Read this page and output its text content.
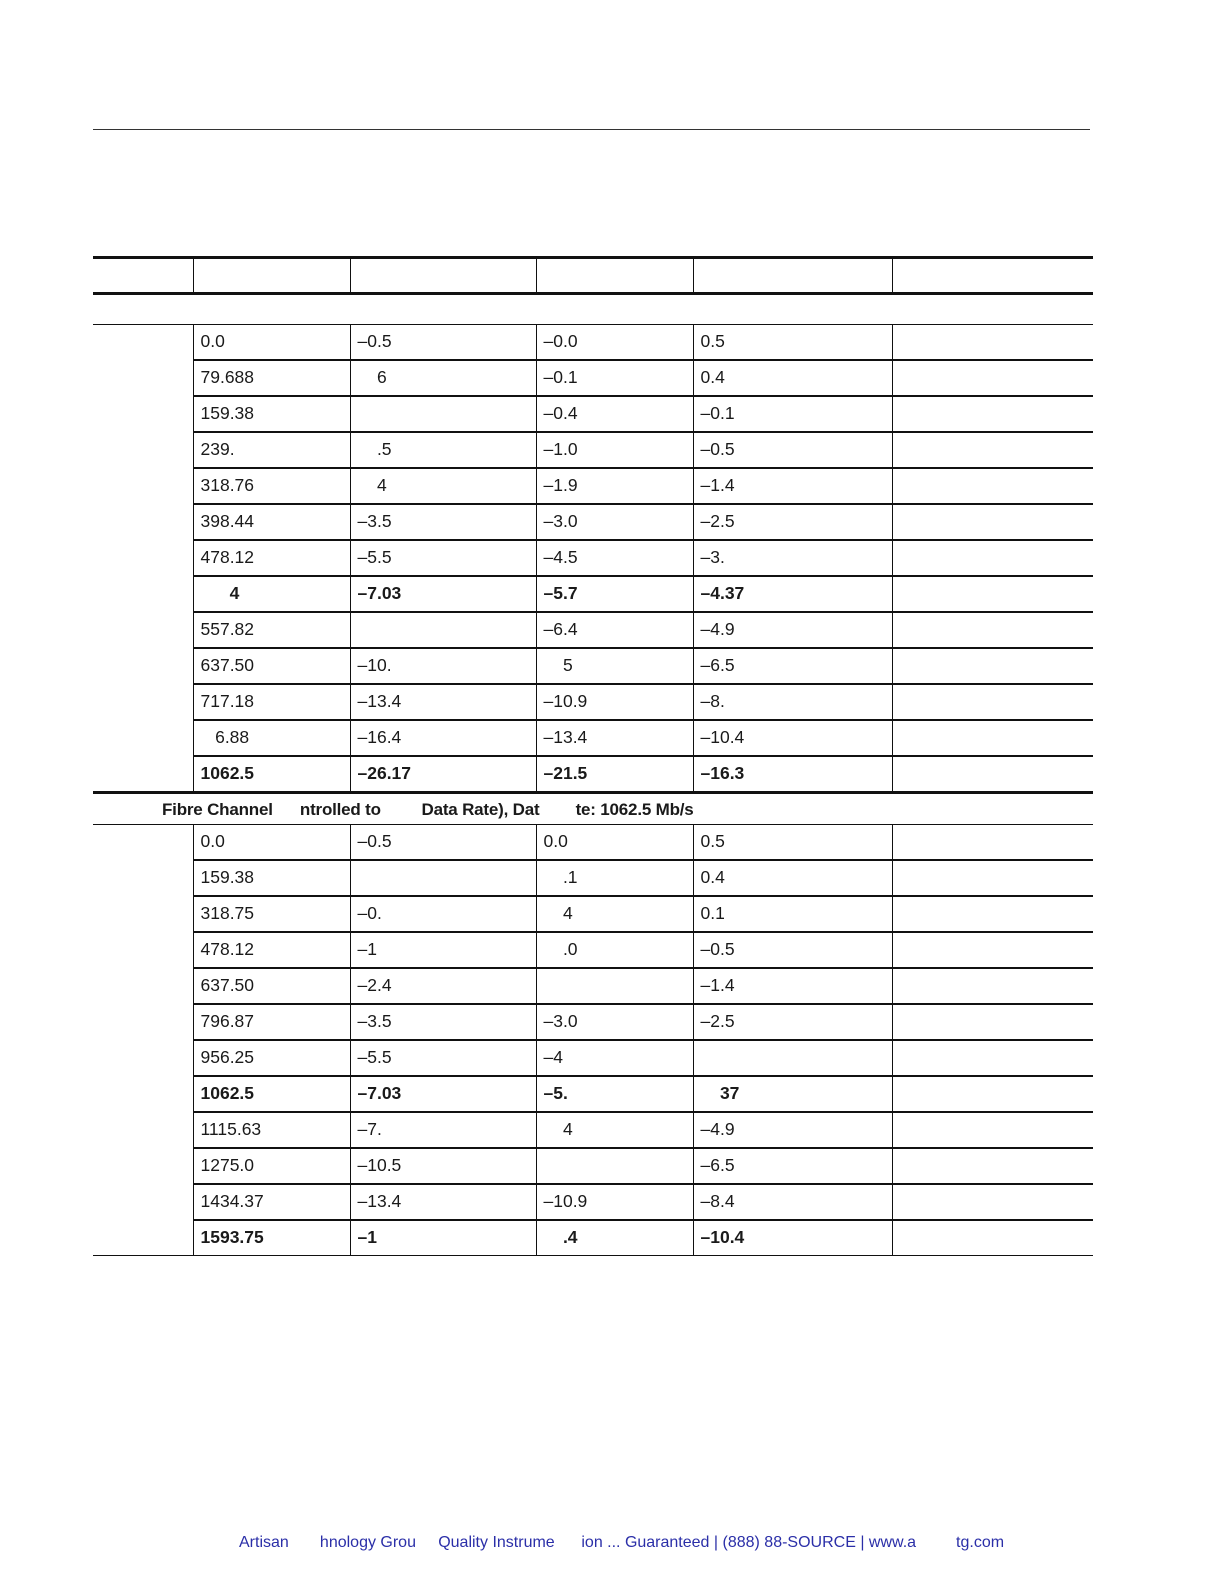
	0.0	–0.5	–0.0	0.5	
	79.688	6	–0.1	0.4	
	159.38		–0.4	–0.1	
	239.	.5	–1.0	–0.5	
	318.76	4	–1.9	–1.4	
	398.44	–3.5	–3.0	–2.5	
	478.12	–5.5	–4.5	–3.	
	4	–7.03	–5.7	–4.37	
	557.82		–6.4	–4.9	
	637.50	–10.	5	–6.5	
	717.18	–13.4	–10.9	–8.	
	6.88	–16.4	–13.4	–10.4	
	1062.5	–26.17	–21.5	–16.3	
Fibre Channel      ntrolled to         Data Rate), Dat        te: 1062.5 Mb/s					
	0.0	–0.5	0.0	0.5	
	159.38		.1	0.4	
	318.75	–0.	4	0.1	
	478.12	–1	.0	–0.5	
	637.50	–2.4		–1.4	
	796.87	–3.5	–3.0	–2.5	
	956.25	–5.5	–4		
	1062.5	–7.03	–5.	37	
	1115.63	–7.	4	–4.9	
	1275.0	–10.5		–6.5	
	1434.37	–13.4	–10.9	–8.4	
	1593.75	–1	.4	–10.4	
Artisan       hnology Grou     Quality Instrume      ion ... Guaranteed | (888) 88-SOURCE | www.a         tg.com
